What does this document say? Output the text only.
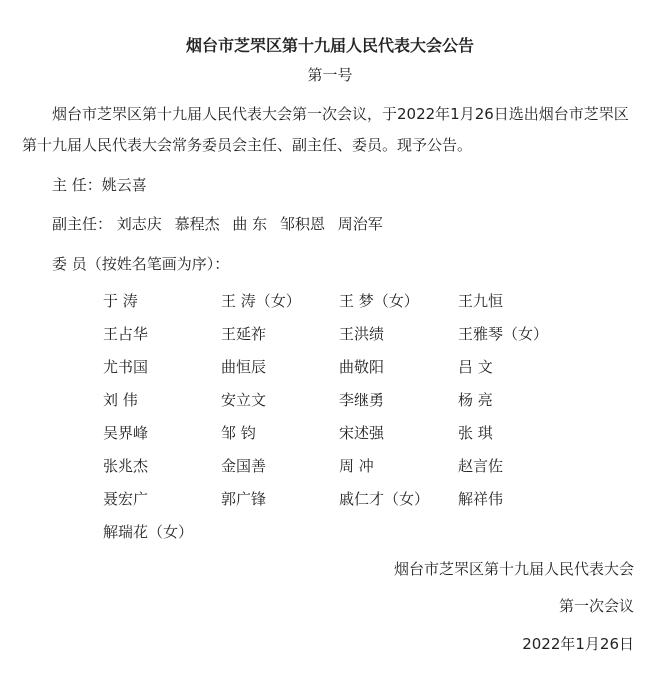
烟台市芝罘区第十九届人民代表大会公告
第一号
烟台市芝罘区第十九届人民代表大会第一次会议，于2022年1月26日选出烟台市芝罘区第十九届人民代表大会常务委员会主任、副主任、委员。现予公告。
主 任：姚云喜
副主任： 刘志庆 慕程杰 曲 东 邹积恩 周治军
委 员（按姓名笔画为序）：
于 涛	王 涛（女）	王 梦（女）	王九恒
王占华	王延祚	王洪绩	王雅琴（女）
尤书国	曲恒辰	曲敬阳	吕 文
刘 伟	安立文	李继勇	杨 亮
吴界峰	邹 钧	宋述强	张 琪
张兆杰	金国善	周 冲	赵言佐
聂宏广	郭广锋	戚仁才（女） 解祥伟
解瑞花（女）
烟台市芝罘区第十九届人民代表大会
第一次会议
2022年1月26日
